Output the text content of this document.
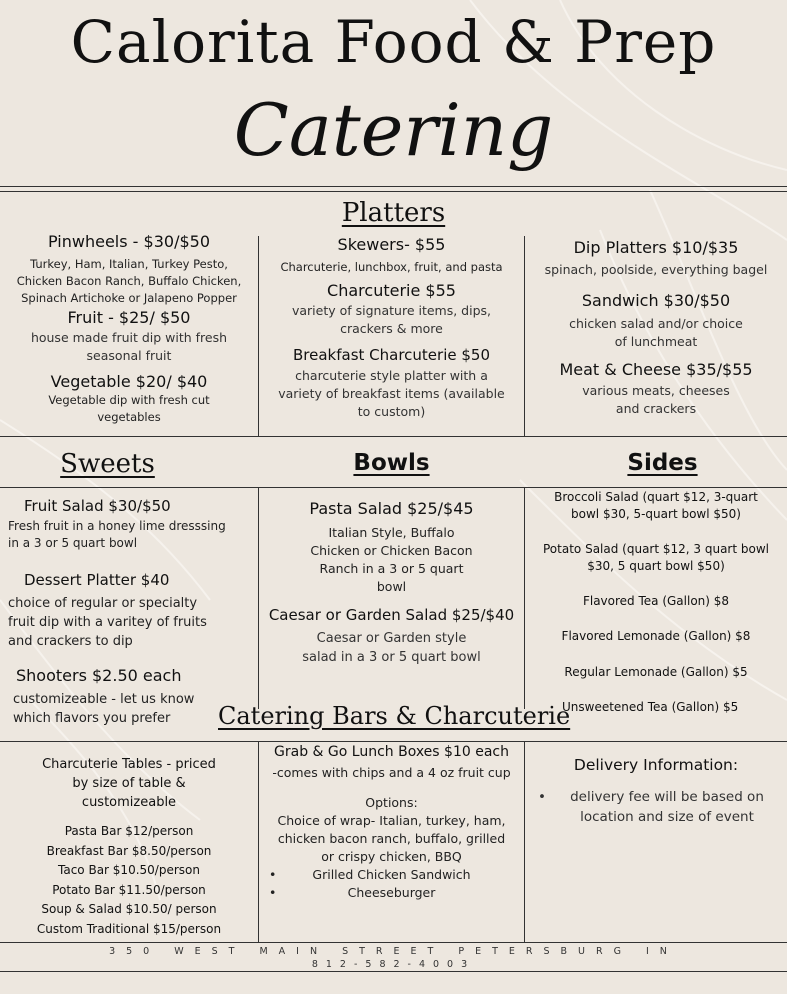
Calorita Food & Prep
Catering
Platters
Pinwheels - $30/$50
Turkey, Ham, Italian, Turkey Pesto,
Chicken Bacon Ranch, Buffalo Chicken,
Spinach Artichoke or Jalapeno Popper
Fruit - $25/ $50
house made fruit dip with fresh
seasonal fruit
Vegetable $20/ $40
Vegetable dip with fresh cut
vegetables
Skewers- $55
Charcuterie, lunchbox, fruit, and pasta
Charcuterie $55
variety of signature items, dips,
crackers & more
Breakfast Charcuterie $50
charcuterie style platter with a
variety of breakfast items (available
to custom)
Dip Platters $10/$35
spinach, poolside, everything bagel
Sandwich $30/$50
chicken salad and/or choice
of lunchmeat
Meat & Cheese $35/$55
various meats, cheeses
and crackers
Sweets	Bowls	Sides
Fruit Salad $30/$50
Fresh fruit in a honey lime dresssing
in a 3 or 5 quart bowl
Dessert Platter $40
choice of regular or specialty
fruit dip with a varitey of fruits
and crackers to dip
Shooters $2.50 each
customizeable - let us know
which flavors you prefer
Pasta Salad $25/$45
Italian Style, Buffalo
Chicken or Chicken Bacon
Ranch in a 3 or 5 quart
bowl
Caesar or Garden Salad $25/$40
Caesar or Garden style
salad in a 3 or 5 quart bowl
Broccoli Salad (quart $12, 3-quart
bowl $30, 5-quart bowl $50)
Potato Salad (quart $12, 3 quart bowl
$30, 5 quart bowl $50)
Flavored Tea (Gallon) $8
Flavored Lemonade (Gallon) $8
Regular Lemonade (Gallon) $5
Unsweetened Tea (Gallon) $5
Catering Bars & Charcuterie
Charcuterie Tables - priced
by size of table &
customizeable
Pasta Bar $12/person
Breakfast Bar $8.50/person
Taco Bar $10.50/person
Potato Bar $11.50/person
Soup & Salad $10.50/ person
Custom Traditional $15/person
Grab & Go Lunch Boxes $10 each
-comes with chips and a 4 oz fruit cup
Options:
Choice of wrap- Italian, turkey, ham,
chicken bacon ranch, buffalo, grilled
or crispy chicken, BBQ
•	Grilled Chicken Sandwich
•	Cheeseburger
Delivery Information:
•	delivery fee will be based on
location and size of event
350 WEST MAIN STREET PETERSBURG IN
812-582-4003
